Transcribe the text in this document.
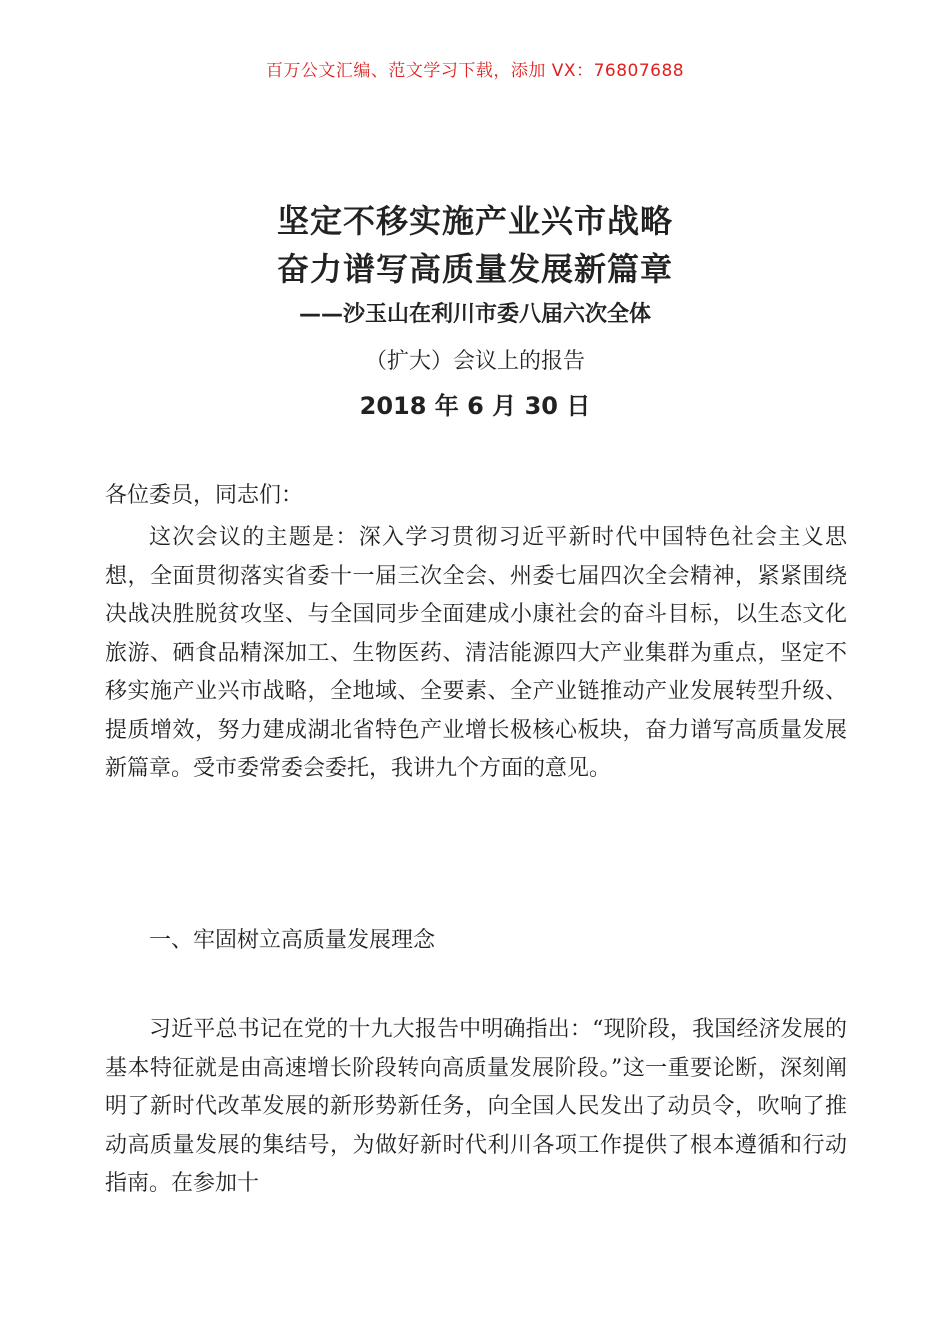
百万公文汇编、范文学习下载，添加 VX：76807688
坚定不移实施产业兴市战略
奋力谱写高质量发展新篇章
——沙玉山在利川市委八届六次全体
（扩大）会议上的报告
2018 年 6 月 30 日
各位委员，同志们：
这次会议的主题是：深入学习贯彻习近平新时代中国特色社会主义思想，全面贯彻落实省委十一届三次全会、州委七届四次全会精神，紧紧围绕决战决胜脱贫攻坚、与全国同步全面建成小康社会的奋斗目标，以生态文化旅游、硒食品精深加工、生物医药、清洁能源四大产业集群为重点，坚定不移实施产业兴市战略，全地域、全要素、全产业链推动产业发展转型升级、提质增效，努力建成湖北省特色产业增长极核心板块，奋力谱写高质量发展新篇章。受市委常委会委托，我讲九个方面的意见。
一、牢固树立高质量发展理念
习近平总书记在党的十九大报告中明确指出：“现阶段，我国经济发展的基本特征就是由高速增长阶段转向高质量发展阶段。”这一重要论断，深刻阐明了新时代改革发展的新形势新任务，向全国人民发出了动员令，吹响了推动高质量发展的集结号，为做好新时代利川各项工作提供了根本遵循和行动指南。在参加十
